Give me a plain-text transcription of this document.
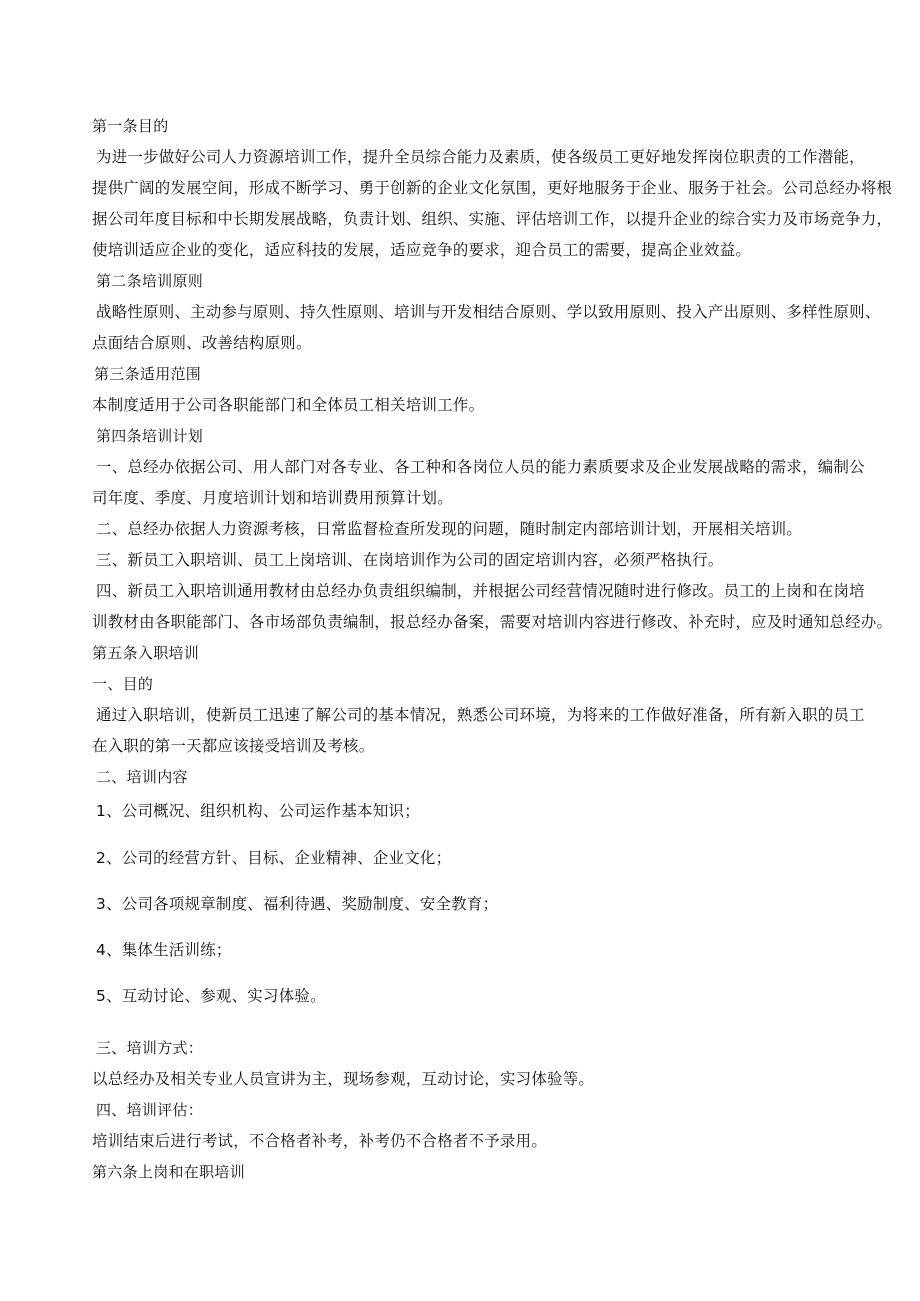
第一条目的
为进一步做好公司人力资源培训工作，提升全员综合能力及素质，使各级员工更好地发挥岗位职责的工作潜能，
提供广阔的发展空间，形成不断学习、勇于创新的企业文化氛围，更好地服务于企业、服务于社会。公司总经办将根
据公司年度目标和中长期发展战略，负责计划、组织、实施、评估培训工作，以提升企业的综合实力及市场竞争力，
使培训适应企业的变化，适应科技的发展，适应竞争的要求，迎合员工的需要，提高企业效益。
第二条培训原则
战略性原则、主动参与原则、持久性原则、培训与开发相结合原则、学以致用原则、投入产出原则、多样性原则、
点面结合原则、改善结构原则。
第三条适用范围
本制度适用于公司各职能部门和全体员工相关培训工作。
第四条培训计划
一、总经办依据公司、用人部门对各专业、各工种和各岗位人员的能力素质要求及企业发展战略的需求，编制公
司年度、季度、月度培训计划和培训费用预算计划。
二、总经办依据人力资源考核，日常监督检查所发现的问题，随时制定内部培训计划，开展相关培训。
三、新员工入职培训、员工上岗培训、在岗培训作为公司的固定培训内容，必须严格执行。
四、新员工入职培训通用教材由总经办负责组织编制，并根据公司经营情况随时进行修改。员工的上岗和在岗培
训教材由各职能部门、各市场部负责编制，报总经办备案，需要对培训内容进行修改、补充时，应及时通知总经办。
第五条入职培训
一、目的
通过入职培训，使新员工迅速了解公司的基本情况，熟悉公司环境，为将来的工作做好准备，所有新入职的员工
在入职的第一天都应该接受培训及考核。
二、培训内容
1、公司概况、组织机构、公司运作基本知识；
2、公司的经营方针、目标、企业精神、企业文化；
3、公司各项规章制度、福利待遇、奖励制度、安全教育；
4、集体生活训练；
5、互动讨论、参观、实习体验。
三、培训方式：
以总经办及相关专业人员宣讲为主，现场参观，互动讨论，实习体验等。
四、培训评估：
培训结束后进行考试，不合格者补考，补考仍不合格者不予录用。
第六条上岗和在职培训
